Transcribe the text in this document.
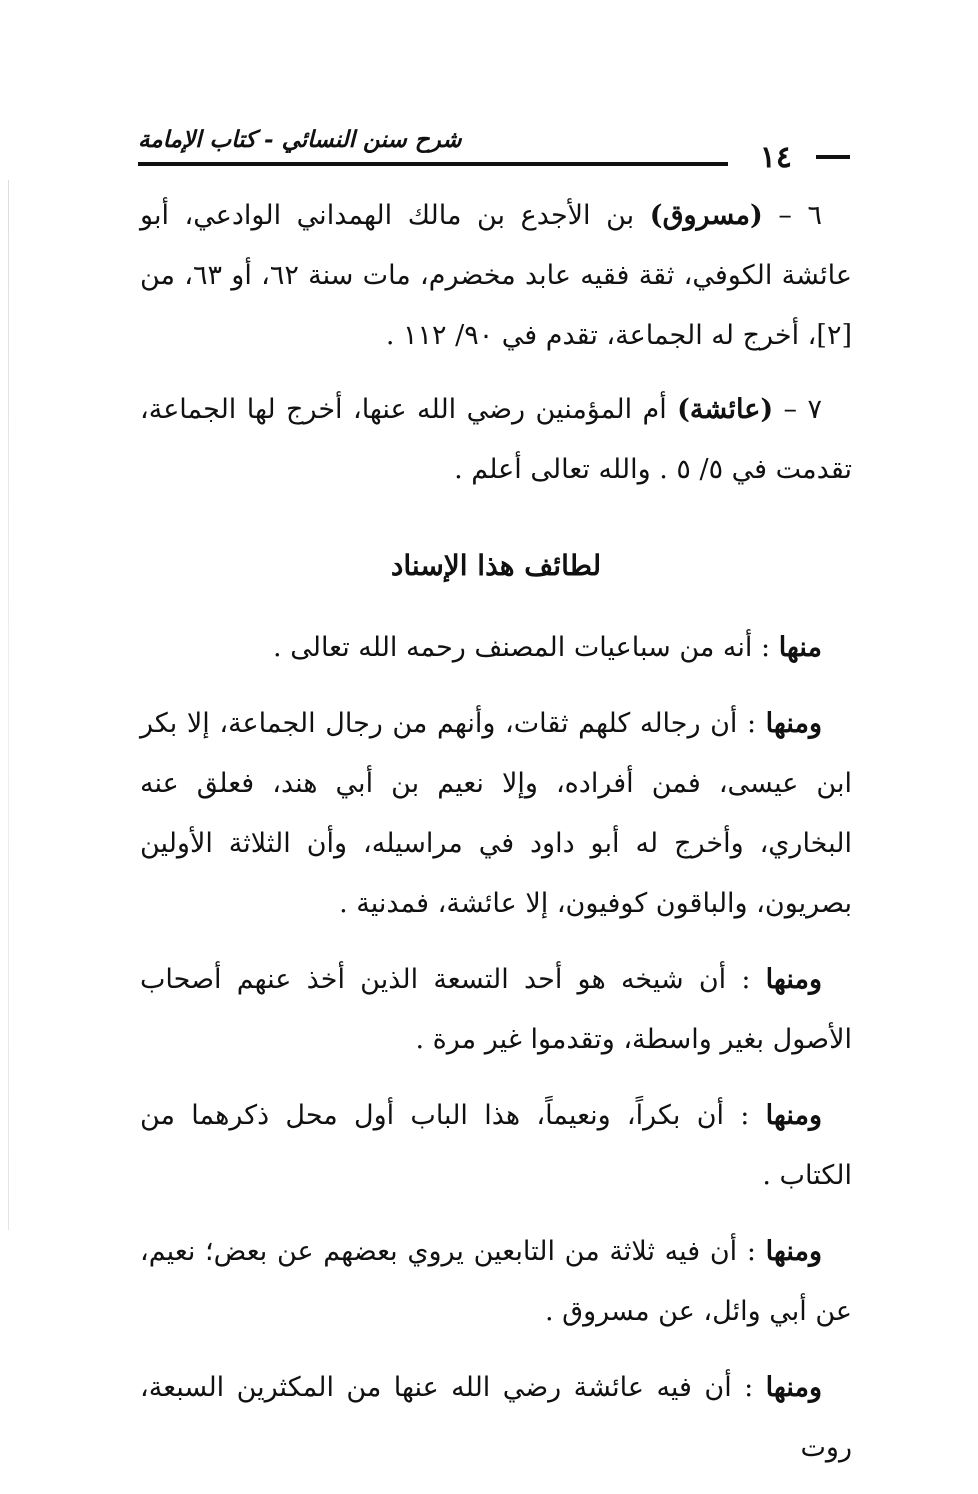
١٤
شرح سنن النسائي - كتاب الإمامة

٦ – (مسروق) بن الأجدع بن مالك الهمداني الوادعي، أبو عائشة الكوفي، ثقة فقيه عابد مخضرم، مات سنة ٦٢، أو ٦٣، من [٢]، أخرج له الجماعة، تقدم في ٩٠/ ١١٢ .

٧ – (عائشة) أم المؤمنين رضي الله عنها، أخرج لها الجماعة، تقدمت في ٥/ ٥ . والله تعالى أعلم .

لطائف هذا الإسناد

منها : أنه من سباعيات المصنف رحمه الله تعالى .

ومنها : أن رجاله كلهم ثقات، وأنهم من رجال الجماعة، إلا بكر ابن عيسى، فمن أفراده، وإلا نعيم بن أبي هند، فعلق عنه البخاري، وأخرج له أبو داود في مراسيله، وأن الثلاثة الأولين بصريون، والباقون كوفيون، إلا عائشة، فمدنية .

ومنها : أن شيخه هو أحد التسعة الذين أخذ عنهم أصحاب الأصول بغير واسطة، وتقدموا غير مرة .

ومنها : أن بكراً، ونعيماً، هذا الباب أول محل ذكرهما من الكتاب .

ومنها : أن فيه ثلاثة من التابعين يروي بعضهم عن بعض؛ نعيم، عن أبي وائل، عن مسروق .

ومنها : أن فيه عائشة رضي الله عنها من المكثرين السبعة، روت
